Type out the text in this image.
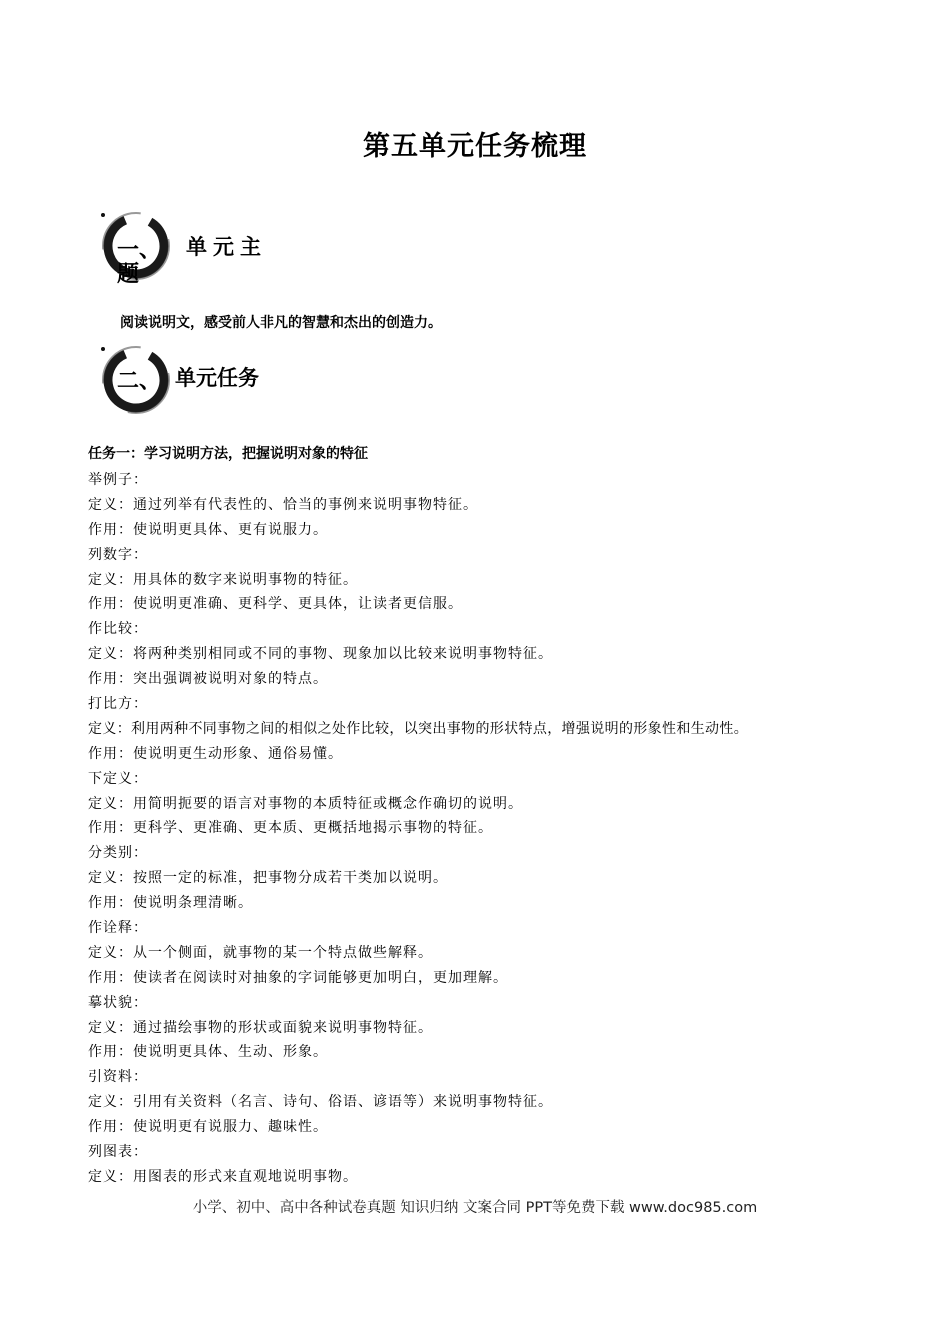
第五单元任务梳理
一、
题
单元主
阅读说明文，感受前人非凡的智慧和杰出的创造力。
二、 单元任务
任务一：学习说明方法，把握说明对象的特征
举例子：
定义：通过列举有代表性的、恰当的事例来说明事物特征。
作用：使说明更具体、更有说服力。
列数字：
定义：用具体的数字来说明事物的特征。
作用：使说明更准确、更科学、更具体，让读者更信服。
作比较：
定义：将两种类别相同或不同的事物、现象加以比较来说明事物特征。
作用：突出强调被说明对象的特点。
打比方：
定义：利用两种不同事物之间的相似之处作比较，以突出事物的形状特点，增强说明的形象性和生动性。
作用：使说明更生动形象、通俗易懂。
下定义：
定义：用简明扼要的语言对事物的本质特征或概念作确切的说明。
作用：更科学、更准确、更本质、更概括地揭示事物的特征。
分类别：
定义：按照一定的标准，把事物分成若干类加以说明。
作用：使说明条理清晰。
作诠释：
定义：从一个侧面，就事物的某一个特点做些解释。
作用：使读者在阅读时对抽象的字词能够更加明白，更加理解。
摹状貌：
定义：通过描绘事物的形状或面貌来说明事物特征。
作用：使说明更具体、生动、形象。
引资料：
定义：引用有关资料（名言、诗句、俗语、谚语等）来说明事物特征。
作用：使说明更有说服力、趣味性。
列图表：
定义：用图表的形式来直观地说明事物。
小学、初中、高中各种试卷真题 知识归纳 文案合同 PPT等免费下载 www.doc985.com
